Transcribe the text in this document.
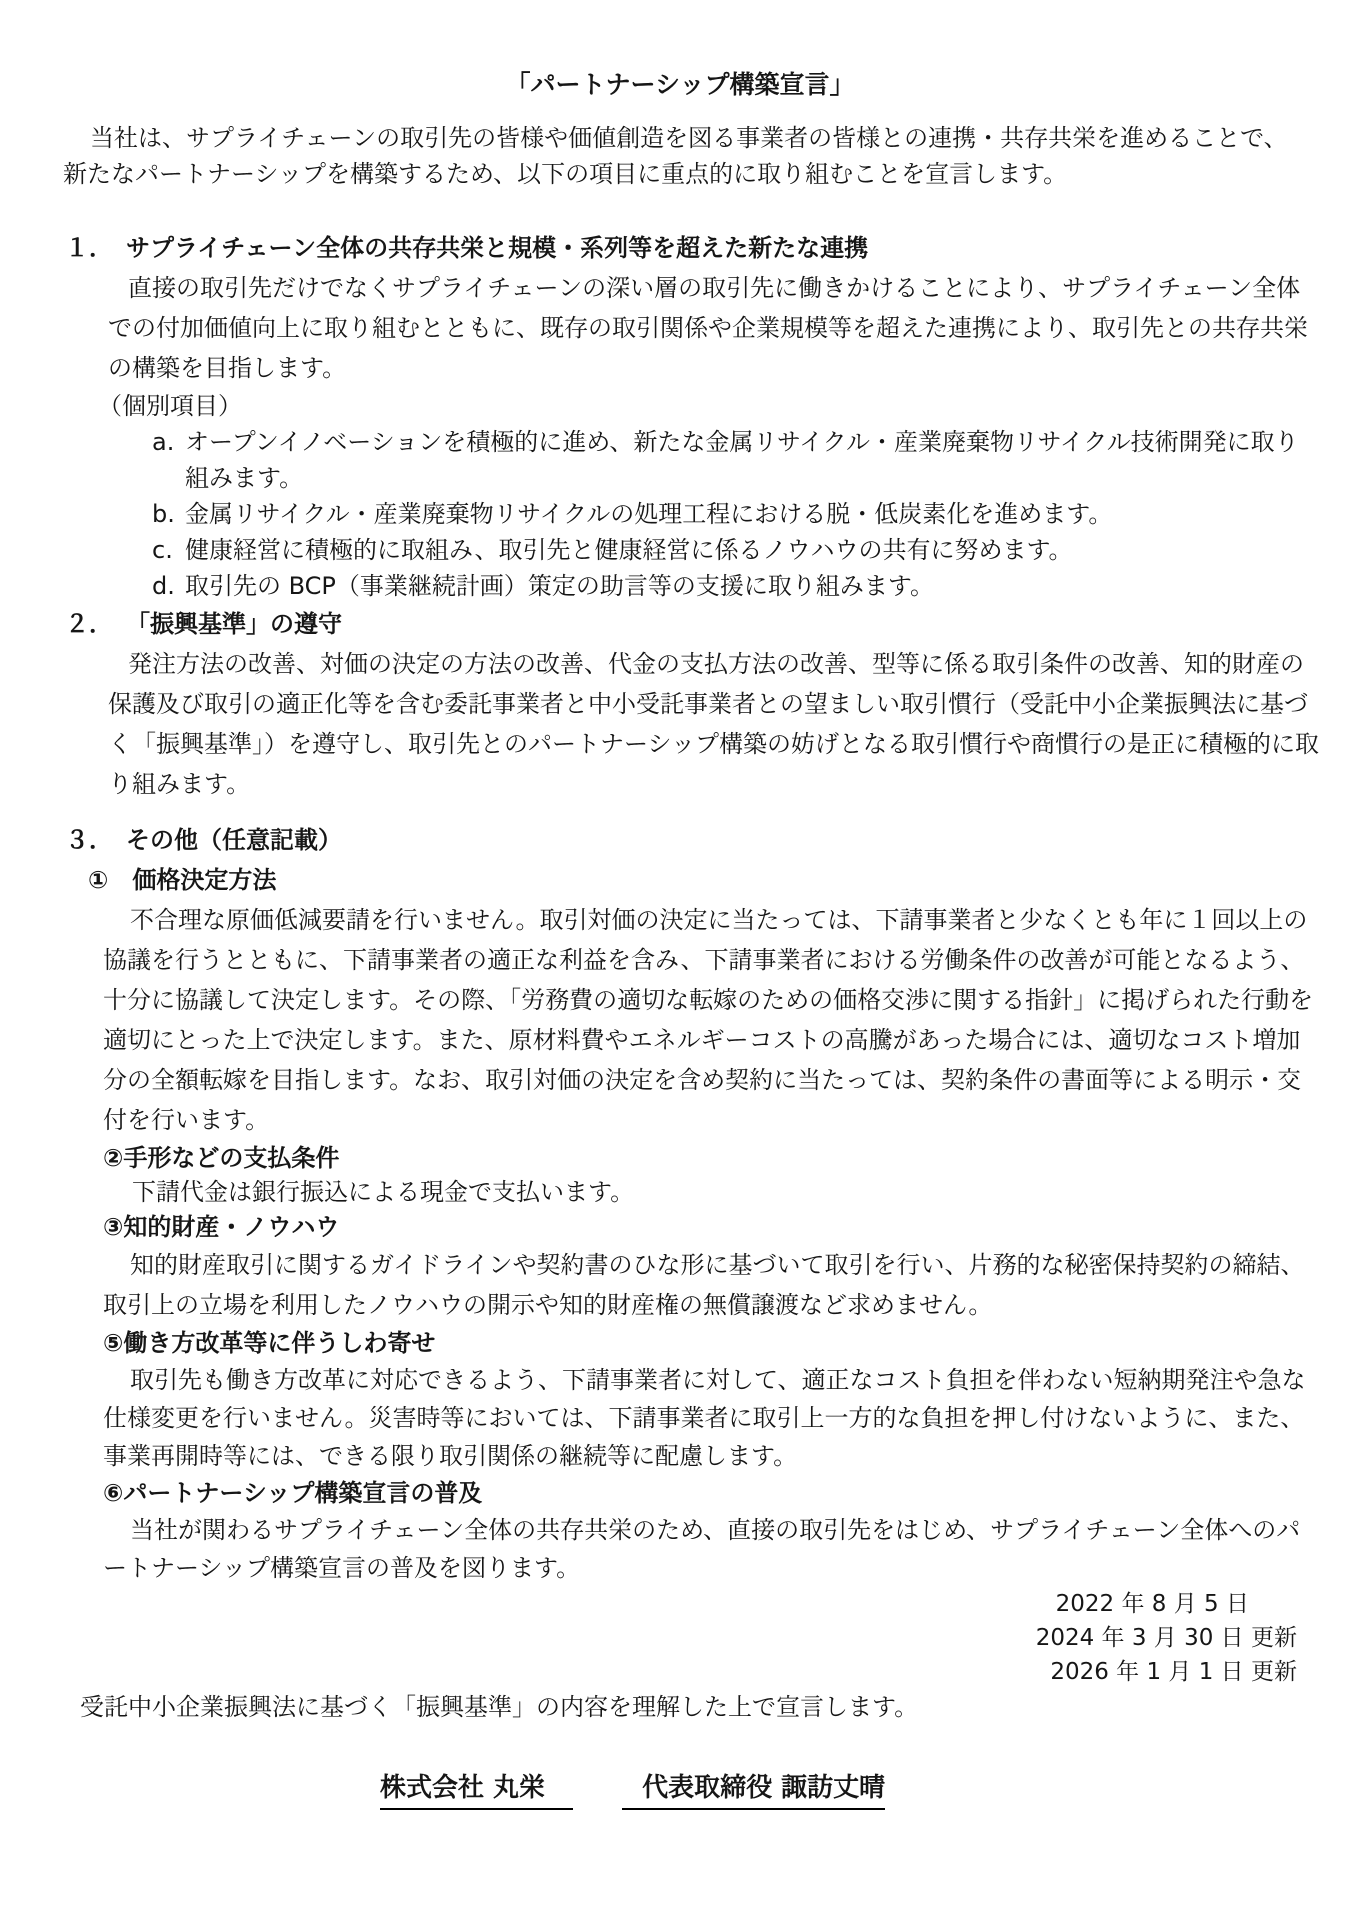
「パートナーシップ構築宣言」
当社は、サプライチェーンの取引先の皆様や価値創造を図る事業者の皆様との連携・共存共栄を進めることで、
新たなパートナーシップを構築するため、以下の項目に重点的に取り組むことを宣言します。
１． サプライチェーン全体の共存共栄と規模・系列等を超えた新たな連携
直接の取引先だけでなくサプライチェーンの深い層の取引先に働きかけることにより、サプライチェーン全体
での付加価値向上に取り組むとともに、既存の取引関係や企業規模等を超えた連携により、取引先との共存共栄
の構築を目指します。
（個別項目）
a. オープンイノベーションを積極的に進め、新たな金属リサイクル・産業廃棄物リサイクル技術開発に取り
組みます。
b. 金属リサイクル・産業廃棄物リサイクルの処理工程における脱・低炭素化を進めます。
c. 健康経営に積極的に取組み、取引先と健康経営に係るノウハウの共有に努めます。
d. 取引先の BCP（事業継続計画）策定の助言等の支援に取り組みます。
２． 「振興基準」の遵守
発注方法の改善、対価の決定の方法の改善、代金の支払方法の改善、型等に係る取引条件の改善、知的財産の
保護及び取引の適正化等を含む委託事業者と中小受託事業者との望ましい取引慣行（受託中小企業振興法に基づ
く「振興基準」）を遵守し、取引先とのパートナーシップ構築の妨げとなる取引慣行や商慣行の是正に積極的に取
り組みます。
３． その他（任意記載）
①　価格決定方法
不合理な原価低減要請を行いません。取引対価の決定に当たっては、下請事業者と少なくとも年に１回以上の
協議を行うとともに、下請事業者の適正な利益を含み、下請事業者における労働条件の改善が可能となるよう、
十分に協議して決定します。その際、「労務費の適切な転嫁のための価格交渉に関する指針」に掲げられた行動を
適切にとった上で決定します。また、原材料費やエネルギーコストの高騰があった場合には、適切なコスト増加
分の全額転嫁を目指します。なお、取引対価の決定を含め契約に当たっては、契約条件の書面等による明示・交
付を行います。
②手形などの支払条件
下請代金は銀行振込による現金で支払います。
③知的財産・ノウハウ
知的財産取引に関するガイドラインや契約書のひな形に基づいて取引を行い、片務的な秘密保持契約の締結、
取引上の立場を利用したノウハウの開示や知的財産権の無償譲渡など求めません。
⑤働き方改革等に伴うしわ寄せ
取引先も働き方改革に対応できるよう、下請事業者に対して、適正なコスト負担を伴わない短納期発注や急な
仕様変更を行いません。災害時等においては、下請事業者に取引上一方的な負担を押し付けないように、また、
事業再開時等には、できる限り取引関係の継続等に配慮します。
⑥パートナーシップ構築宣言の普及
当社が関わるサプライチェーン全体の共存共栄のため、直接の取引先をはじめ、サプライチェーン全体へのパ
ートナーシップ構築宣言の普及を図ります。
2022 年 8 月 5 日
2024 年 3 月 30 日 更新
2026 年 1 月 1 日 更新
受託中小企業振興法に基づく「振興基準」の内容を理解した上で宣言します。
株式会社 丸栄	代表取締役 諏訪丈晴
